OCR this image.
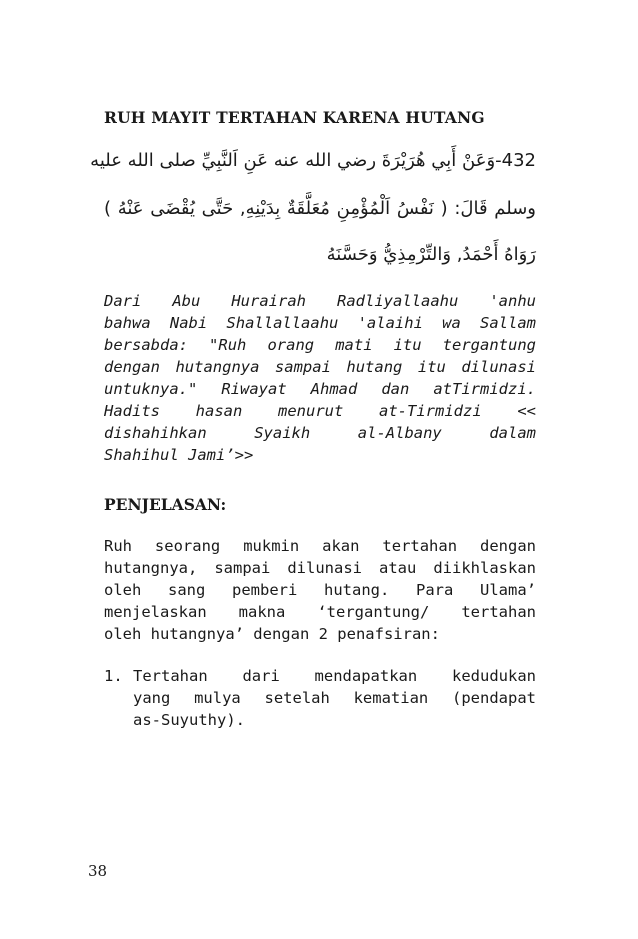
RUH MAYIT TERTAHAN KARENA HUTANG
432-وَعَنْ أَبِي هُرَيْرَةَ رضي الله عنه عَنِ اَلنَّبِيِّ صلى الله عليه
وسلم قَالَ: ( نَفْسُ اَلْمُؤْمِنِ مُعَلَّقَةٌ بِدَيْنِهِ, حَتَّى يُقْضَى عَنْهُ )
رَوَاهُ أَحْمَدُ, وَالتِّرْمِذِيُّ وَحَسَّنَهُ
Dari Abu Hurairah Radliyallaahu 'anhu
bahwa Nabi Shallallaahu 'alaihi wa Sallam
bersabda: "Ruh orang mati itu tergantung
dengan hutangnya sampai hutang itu dilunasi
untuknya." Riwayat Ahmad dan atTirmidzi.
Hadits hasan menurut at-Tirmidzi <<
dishahihkan Syaikh al-Albany dalam
Shahihul Jami’>>
PENJELASAN:
Ruh seorang mukmin akan tertahan dengan
hutangnya, sampai dilunasi atau diikhlaskan
oleh sang pemberi hutang. Para Ulama’
menjelaskan makna ‘tergantung/ tertahan
oleh hutangnya’ dengan 2 penafsiran:
1. Tertahan dari mendapatkan kedudukan
yang mulya setelah kematian (pendapat
as-Suyuthy).
38
